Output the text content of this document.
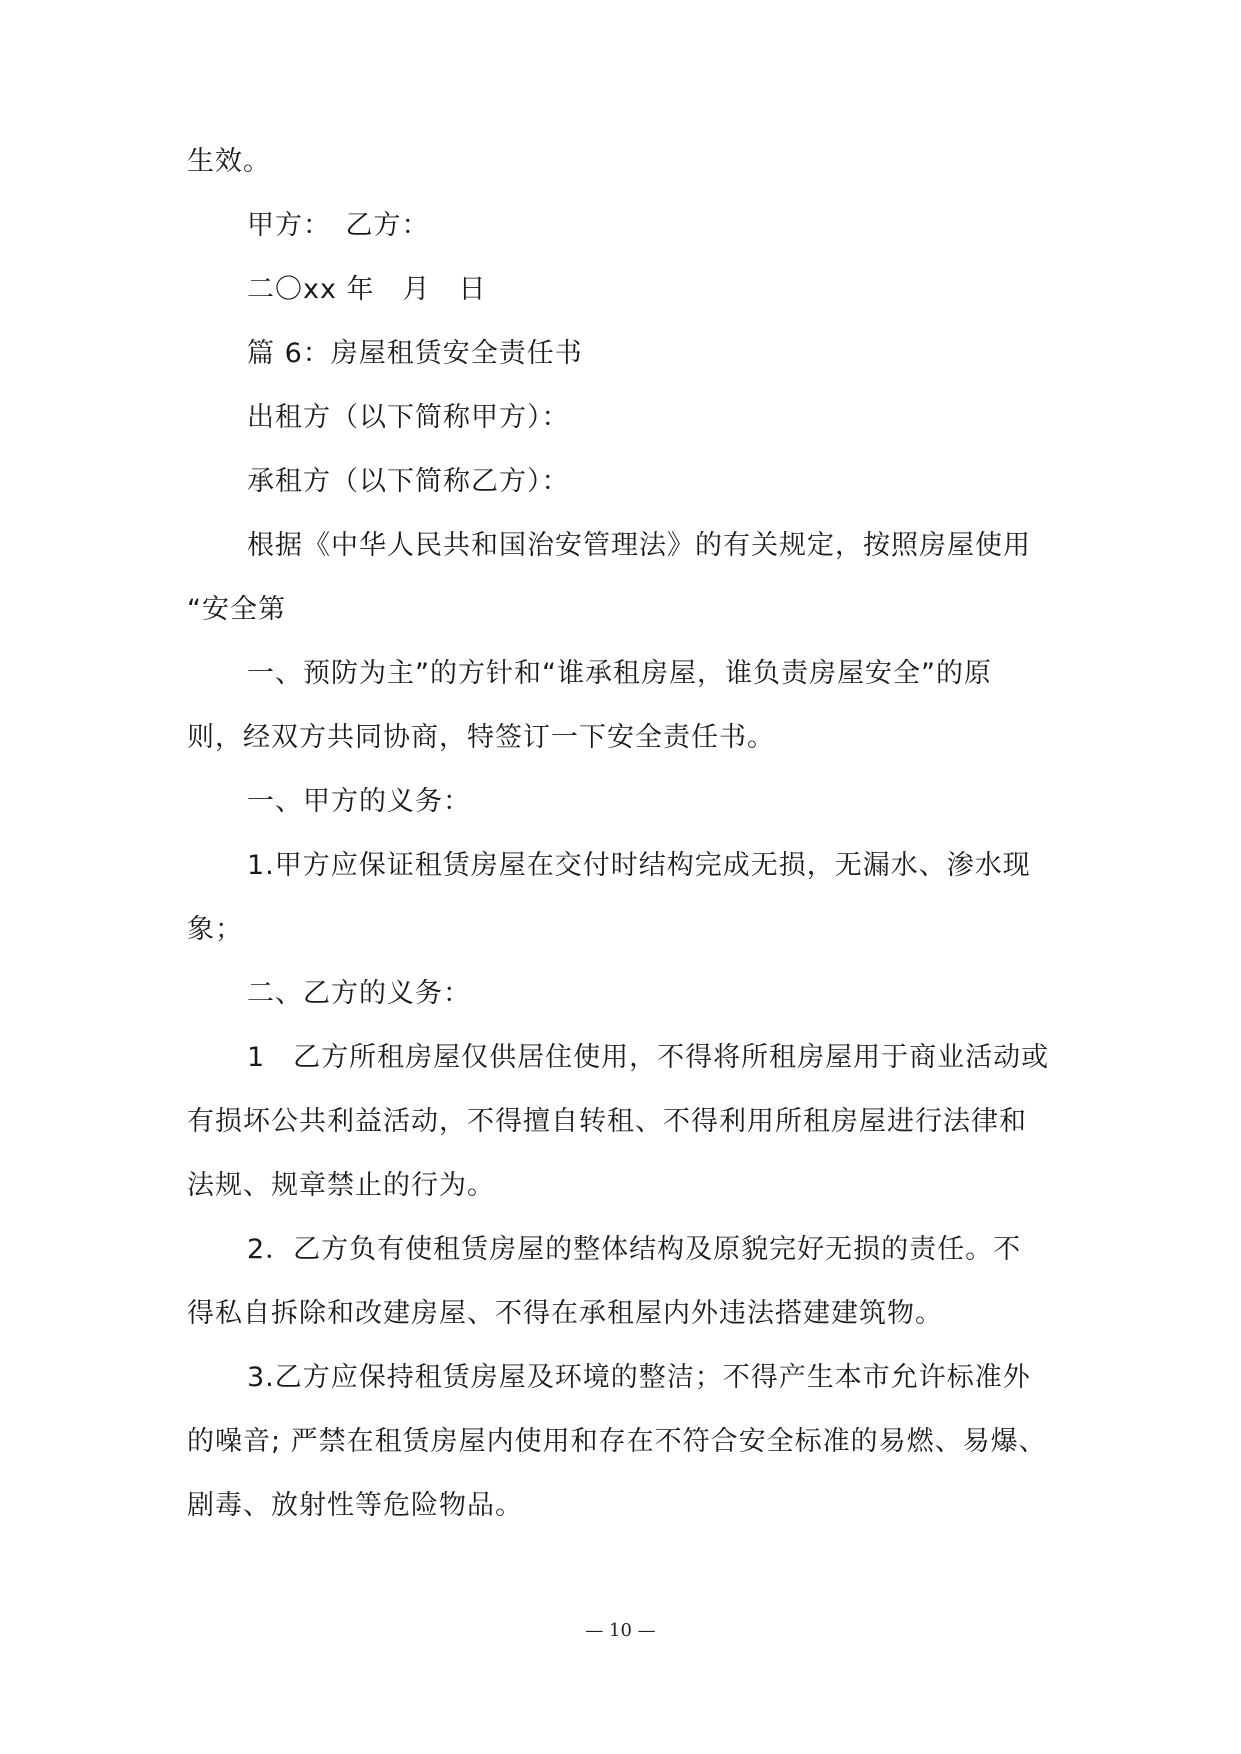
生效。
甲方：　乙方：
二〇xx 年　月　日
篇 6：房屋租赁安全责任书
出租方（以下简称甲方）：
承租方（以下简称乙方）：
根据《中华人民共和国治安管理法》的有关规定，按照房屋使用
“安全第
一、预防为主”的方针和“谁承租房屋，谁负责房屋安全”的原
则，经双方共同协商，特签订一下安全责任书。
一、甲方的义务：
1.甲方应保证租赁房屋在交付时结构完成无损，无漏水、渗水现
象；
二、乙方的义务：
1　乙方所租房屋仅供居住使用，不得将所租房屋用于商业活动或
有损坏公共利益活动，不得擅自转租、不得利用所租房屋进行法律和
法规、规章禁止的行为。
2．乙方负有使租赁房屋的整体结构及原貌完好无损的责任。不
得私自拆除和改建房屋、不得在承租屋内外违法搭建建筑物。
3.乙方应保持租赁房屋及环境的整洁；不得产生本市允许标准外
的噪音; 严禁在租赁房屋内使用和存在不符合安全标准的易燃、易爆、
剧毒、放射性等危险物品。
— 10 —
